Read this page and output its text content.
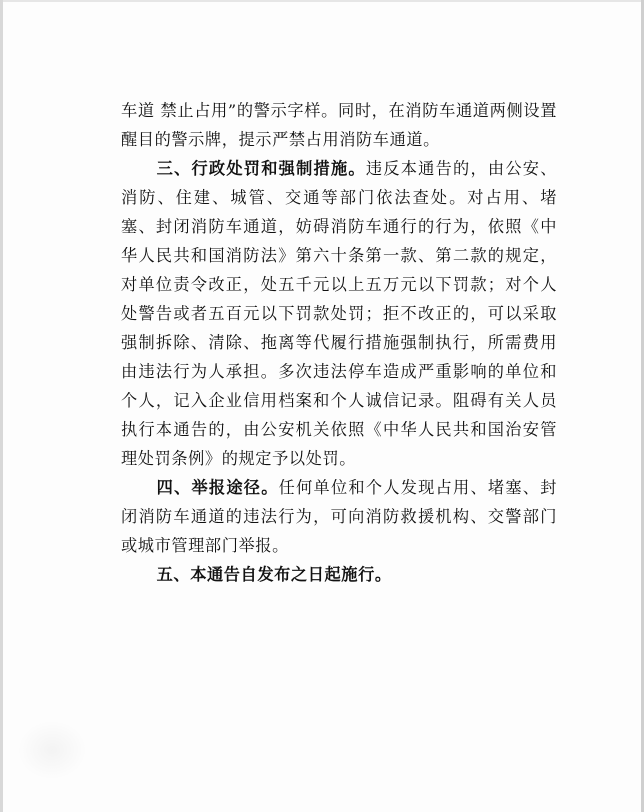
车道 禁止占用”的警示字样。同时，在消防车通道两侧设置醒目的警示牌，提示严禁占用消防车通道。

三、行政处罚和强制措施。违反本通告的，由公安、消防、住建、城管、交通等部门依法查处。对占用、堵塞、封闭消防车通道，妨碍消防车通行的行为，依照《中华人民共和国消防法》第六十条第一款、第二款的规定，对单位责令改正，处五千元以上五万元以下罚款；对个人处警告或者五百元以下罚款处罚；拒不改正的，可以采取强制拆除、清除、拖离等代履行措施强制执行，所需费用由违法行为人承担。多次违法停车造成严重影响的单位和个人，记入企业信用档案和个人诚信记录。阻碍有关人员执行本通告的，由公安机关依照《中华人民共和国治安管理处罚条例》的规定予以处罚。

四、举报途径。任何单位和个人发现占用、堵塞、封闭消防车通道的违法行为，可向消防救援机构、交警部门或城市管理部门举报。

五、本通告自发布之日起施行。
